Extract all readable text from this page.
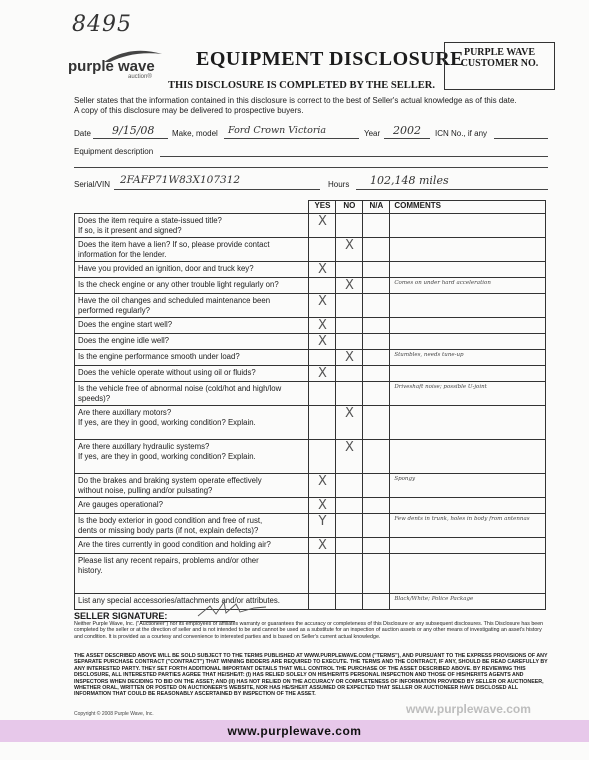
8495
purple wave
auction®
EQUIPMENT DISCLOSURE
THIS DISCLOSURE IS COMPLETED BY THE SELLER.
PURPLE WAVE
CUSTOMER NO.
Seller states that the information contained in this disclosure is correct to the best of Seller's actual knowledge as of this date.
A copy of this disclosure may be delivered to prospective buyers.
Date 9/15/08 Make, model Ford Crown Victoria	Year 2002 ICN No., if any
Equipment description
Serial/VIN 2FAFP71W83X107312	Hours 102,148 miles
	YES	NO	N/A	COMMENTS
Does the item require a state-issued title?
If so, is it present and signed?	X			
Does the item have a lien? If so, please provide contact
information for the lender.		X		
Have you provided an ignition, door and truck key?	X			
Is the check engine or any other trouble light regularly on?		X		Comes on under hard acceleration
Have the oil changes and scheduled maintenance been
performed regularly?	X			
Does the engine start well?	X			
Does the engine idle well?	X			
Is the engine performance smooth under load?		X		Stumbles, needs tune-up
Does the vehicle operate without using oil or fluids?	X			
Is the vehicle free of abnormal noise (cold/hot and high/low speeds)?				Driveshaft noise; possible U-joint
Are there auxillary motors?
If yes, are they in good, working condition? Explain.		X		
Are there auxillary hydraulic systems?
If yes, are they in good, working condition? Explain.		X		
Do the brakes and braking system operate effectively
without noise, pulling and/or pulsating?	X			Spongy
Are gauges operational?	X			
Is the body exterior in good condition and free of rust,
dents or missing body parts (if not, explain defects)?	Y			Few dents in trunk, holes in body from antennas
Are the tires currently in good condition and holding air?	X			
Please list any recent repairs, problems and/or other
history.				
List any special accessories/attachments and/or attributes.				Black/White; Police Package
SELLER SIGNATURE:
Neither Purple Wave, Inc. ("Auctioneer") nor its employees or affiliates warranty or guarantees the accuracy or completeness of this Disclosure or any subsequent disclosures. This Disclosure has been completed by the seller or at the direction of seller and is not intended to be and cannot be used as a substitute for an inspection of auction assets or any other means of investigating an asset's history and condition. It is provided as a courtesy and convenience to interested parties and is based on Seller's current actual knowledge.
THE ASSET DESCRIBED ABOVE WILL BE SOLD SUBJECT TO THE TERMS PUBLISHED AT WWW.PURPLEWAVE.COM ("TERMS"), AND PURSUANT TO THE EXPRESS PROVISIONS OF ANY SEPARATE PURCHASE CONTRACT ("CONTRACT") THAT WINNING BIDDERS ARE REQUIRED TO EXECUTE. THE TERMS AND THE CONTRACT, IF ANY, SHOULD BE READ CAREFULLY BY ANY INTERESTED PARTY. THEY SET FORTH ADDITIONAL IMPORTANT DETAILS THAT WILL CONTROL THE PURCHASE OF THE ASSET DESCRIBED ABOVE. BY REVIEWING THIS DISCLOSURE, ALL INTERESTED PARTIES AGREE THAT HE/SHE/IT: (I) HAS RELIED SOLELY ON HIS/HER/ITS PERSONAL INSPECTION AND THOSE OF HIS/HER/ITS AGENTS AND INSPECTORS WHEN DECIDING TO BID ON THE ASSET; AND (II) HAS NOT RELIED ON THE ACCURACY OR COMPLETENESS OF INFORMATION PROVIDED BY SELLER OR AUCTIONEER, WHETHER ORAL, WRITTEN OR POSTED ON AUCTIONEER'S WEBSITE, NOR HAS HE/SHE/IT ASSUMED OR EXPECTED THAT SELLER OR AUCTIONEER HAVE DISCLOSED ALL INFORMATION THAT COULD BE REASONABLY ASCERTAINED BY INSPECTION OF THE ASSET.
Copyright © 2008 Purple Wave, Inc.	www.purplewave.com
www.purplewave.com
